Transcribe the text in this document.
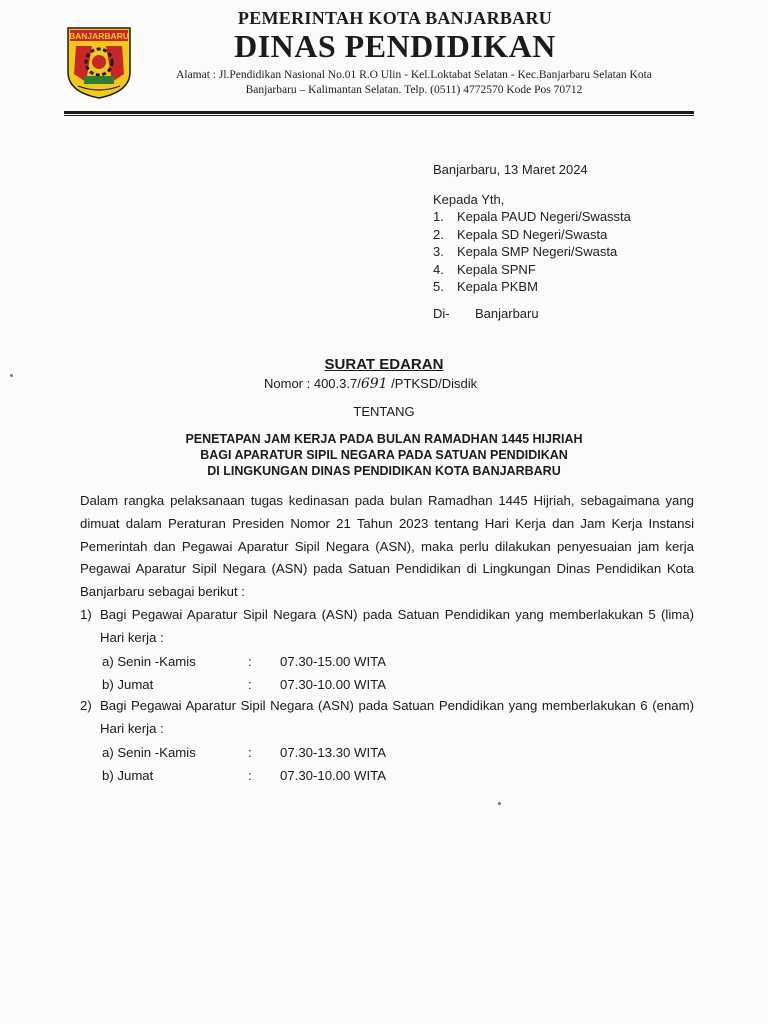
BANJARBARU
PEMERINTAH KOTA BANJARBARU
DINAS PENDIDIKAN
Alamat : Jl.Pendidikan Nasional No.01 R.O Ulin - Kel.Loktabat Selatan - Kec.Banjarbaru Selatan Kota
Banjarbaru – Kalimantan Selatan. Telp. (0511) 4772570 Kode Pos 70712
Banjarbaru, 13 Maret 2024
Kepada Yth,
1. Kepala PAUD Negeri/Swassta
2. Kepala SD Negeri/Swasta
3. Kepala SMP Negeri/Swasta
4. Kepala SPNF
5. Kepala PKBM
Di- Banjarbaru
SURAT EDARAN
Nomor : 400.3.7/691 /PTKSD/Disdik
TENTANG
PENETAPAN JAM KERJA PADA BULAN RAMADHAN 1445 HIJRIAH
BAGI APARATUR SIPIL NEGARA PADA SATUAN PENDIDIKAN
DI LINGKUNGAN DINAS PENDIDIKAN KOTA BANJARBARU
Dalam rangka pelaksanaan tugas kedinasan pada bulan Ramadhan 1445 Hijriah, sebagaimana yang dimuat dalam Peraturan Presiden Nomor 21 Tahun 2023 tentang Hari Kerja dan Jam Kerja Instansi Pemerintah dan Pegawai Aparatur Sipil Negara (ASN), maka perlu dilakukan penyesuaian jam kerja Pegawai Aparatur Sipil Negara (ASN) pada Satuan Pendidikan di Lingkungan Dinas Pendidikan Kota Banjarbaru sebagai berikut :
1) Bagi Pegawai Aparatur Sipil Negara (ASN) pada Satuan Pendidikan yang memberlakukan 5 (lima) Hari kerja :
a) Senin -Kamis	: 07.30-15.00 WITA
b) Jumat	: 07.30-10.00 WITA
2) Bagi Pegawai Aparatur Sipil Negara (ASN) pada Satuan Pendidikan yang memberlakukan 6 (enam) Hari kerja :
a) Senin -Kamis	: 07.30-13.30 WITA
b) Jumat	: 07.30-10.00 WITA
